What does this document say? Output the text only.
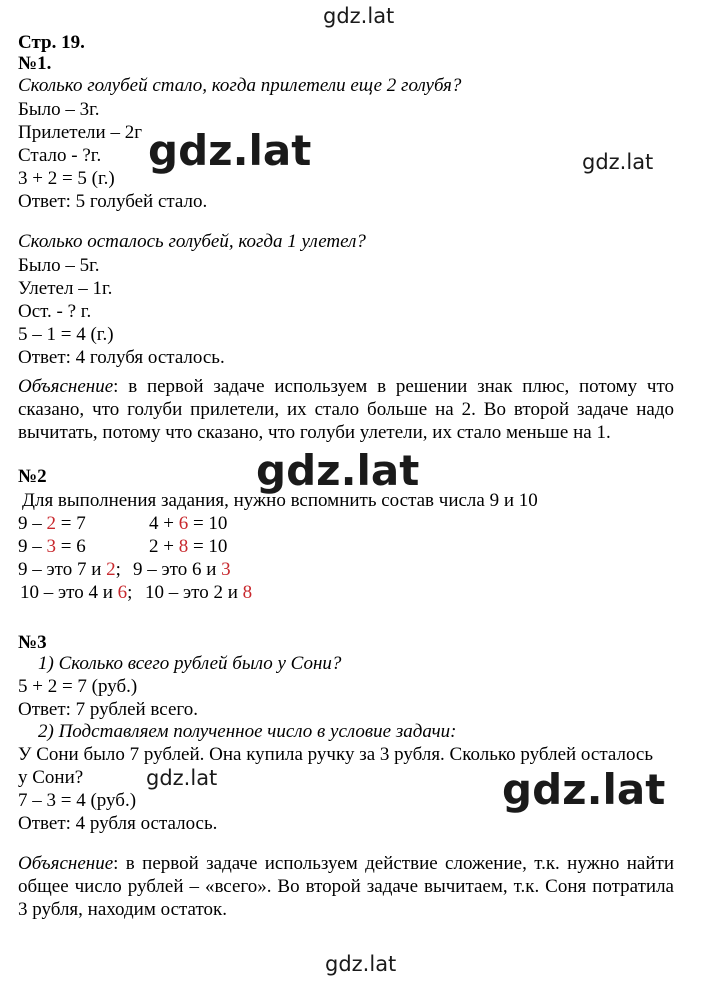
gdz.lat
gdz.lat	gdz.lat
gdz.lat
gdz.lat	gdz.lat
gdz.lat
Стр. 19.
№1.
Сколько голубей стало, когда прилетели еще 2 голубя?
Было – 3г.
Прилетели – 2г
Стало - ?г.
3 + 2 = 5 (г.)
Ответ: 5 голубей стало.
Сколько осталось голубей, когда 1 улетел?
Было – 5г.
Улетел – 1г.
Ост. - ? г.
5 – 1 = 4 (г.)
Ответ: 4 голубя осталось.
Объяснение: в первой задаче используем в решении знак плюс, потому что сказано, что голуби прилетели, их стало больше на 2. Во второй задаче надо вычитать, потому что сказано, что голуби улетели, их стало меньше на 1.
№2
Для выполнения задания, нужно вспомнить состав числа 9 и 10
9 – 2 = 7	4 + 6 = 10
9 – 3 = 6	2 + 8 = 10
9 – это 7 и 2; 9 – это 6 и 3
10 – это 4 и 6; 10 – это 2 и 8
№3
1) Сколько всего рублей было у Сони?
5 + 2 = 7 (руб.)
Ответ: 7 рублей всего.
2) Подставляем полученное число в условие задачи:
У Сони было 7 рублей. Она купила ручку за 3 рубля. Сколько рублей осталось
у Сони?
7 – 3 = 4 (руб.)
Ответ: 4 рубля осталось.
Объяснение: в первой задаче используем действие сложение, т.к. нужно найти общее число рублей – «всего». Во второй задаче вычитаем, т.к. Соня потратила 3 рубля, находим остаток.
